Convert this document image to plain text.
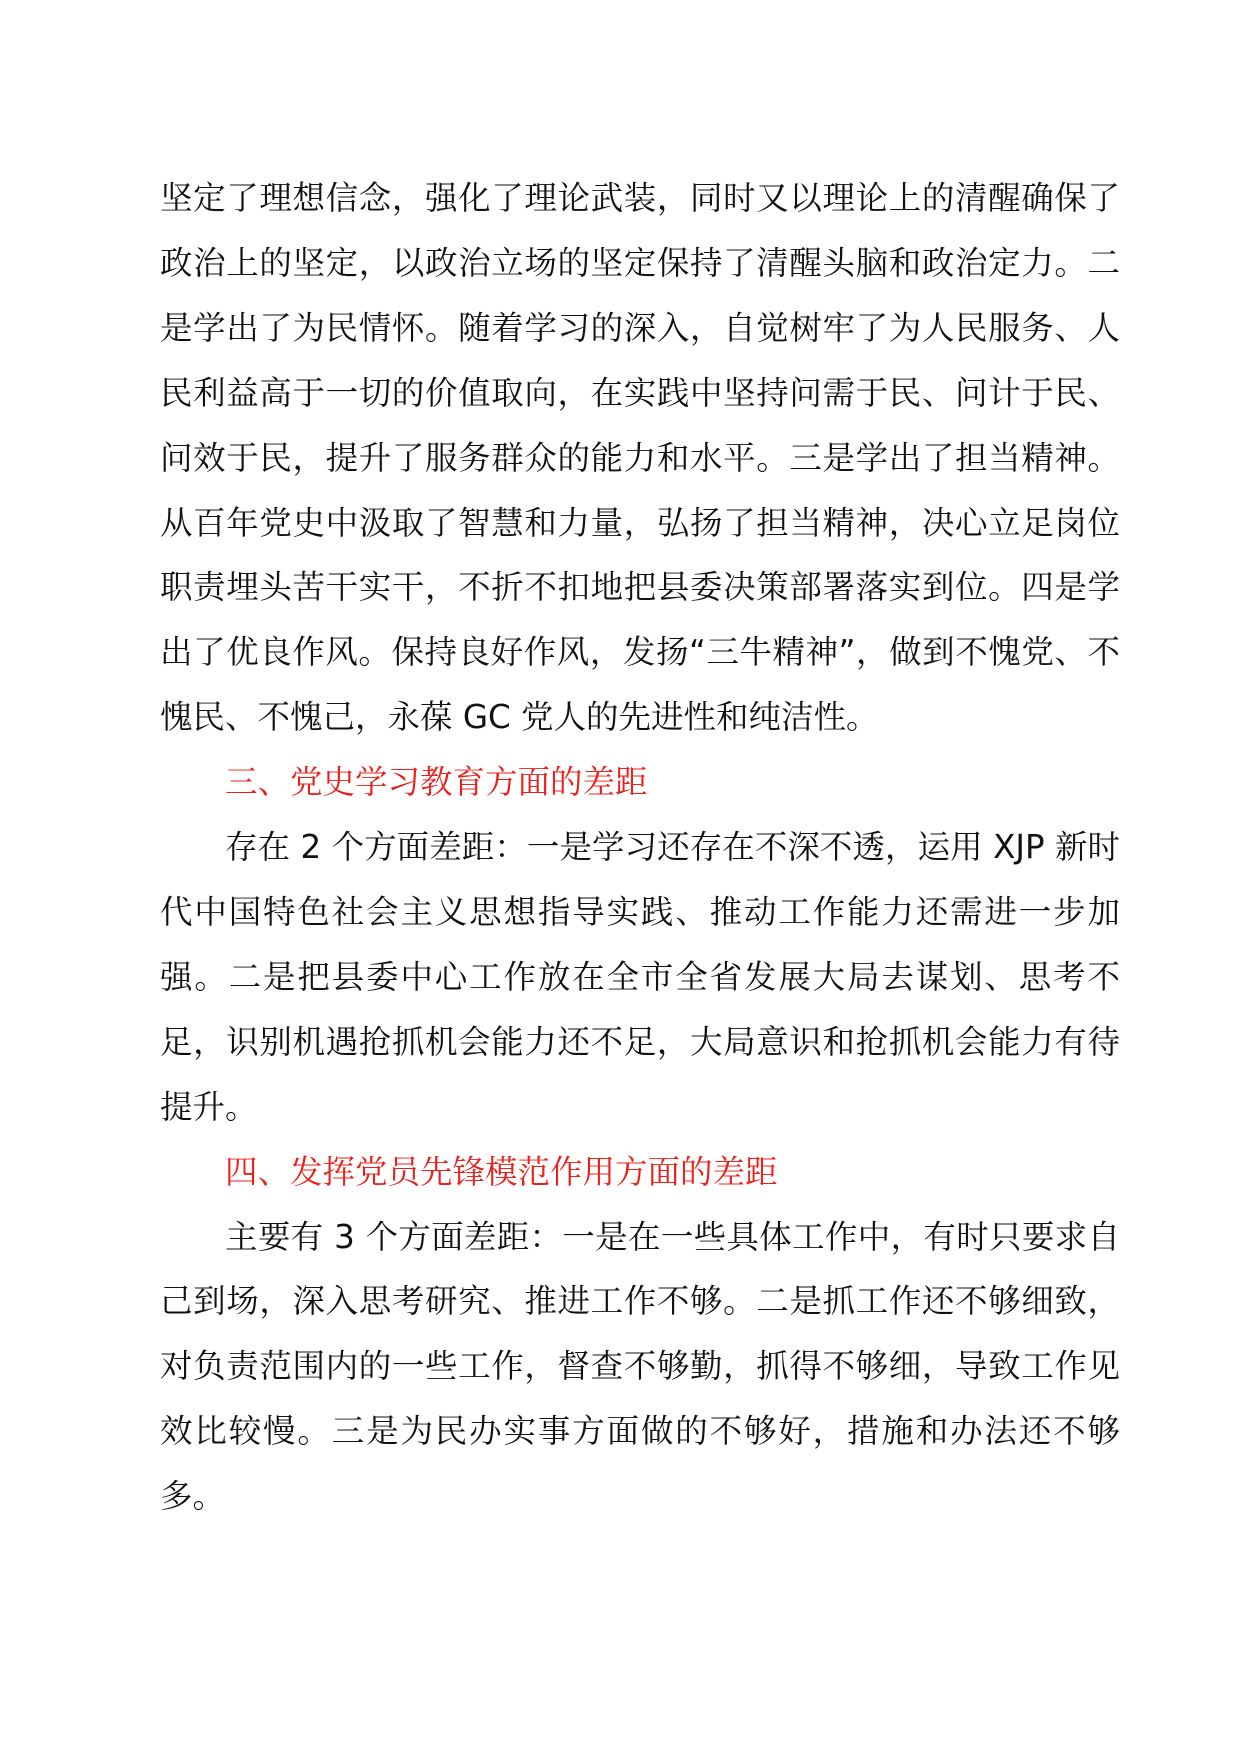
坚定了理想信念，强化了理论武装，同时又以理论上的清醒确保了政治上的坚定，以政治立场的坚定保持了清醒头脑和政治定力。二是学出了为民情怀。随着学习的深入，自觉树牢了为人民服务、人民利益高于一切的价值取向，在实践中坚持问需于民、问计于民、问效于民，提升了服务群众的能力和水平。三是学出了担当精神。从百年党史中汲取了智慧和力量，弘扬了担当精神，决心立足岗位职责埋头苦干实干，不折不扣地把县委决策部署落实到位。四是学出了优良作风。保持良好作风，发扬“三牛精神”，做到不愧党、不愧民、不愧己，永葆 GC 党人的先进性和纯洁性。

三、党史学习教育方面的差距

存在 2 个方面差距：一是学习还存在不深不透，运用 XJP 新时代中国特色社会主义思想指导实践、推动工作能力还需进一步加强。二是把县委中心工作放在全市全省发展大局去谋划、思考不足，识别机遇抢抓机会能力还不足，大局意识和抢抓机会能力有待提升。

四、发挥党员先锋模范作用方面的差距

主要有 3 个方面差距：一是在一些具体工作中，有时只要求自己到场，深入思考研究、推进工作不够。二是抓工作还不够细致，对负责范围内的一些工作，督查不够勤，抓得不够细，导致工作见效比较慢。三是为民办实事方面做的不够好，措施和办法还不够多。
